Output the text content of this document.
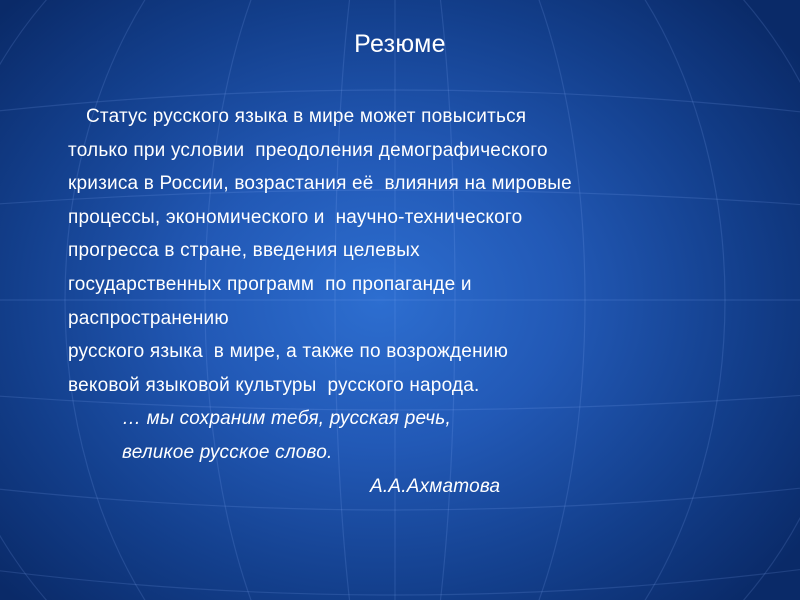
Резюме
Статус русского языка в мире может повыситься
только при условии  преодоления демографического
кризиса в России, возрастания её  влияния на мировые
процессы, экономического и  научно-технического
прогресса в стране, введения целевых
государственных программ  по пропаганде и
распространению
русского языка  в мире, а также по возрождению
вековой языковой культуры  русского народа.
… мы сохраним тебя, русская речь,
великое русское слово.
А.А.Ахматова
